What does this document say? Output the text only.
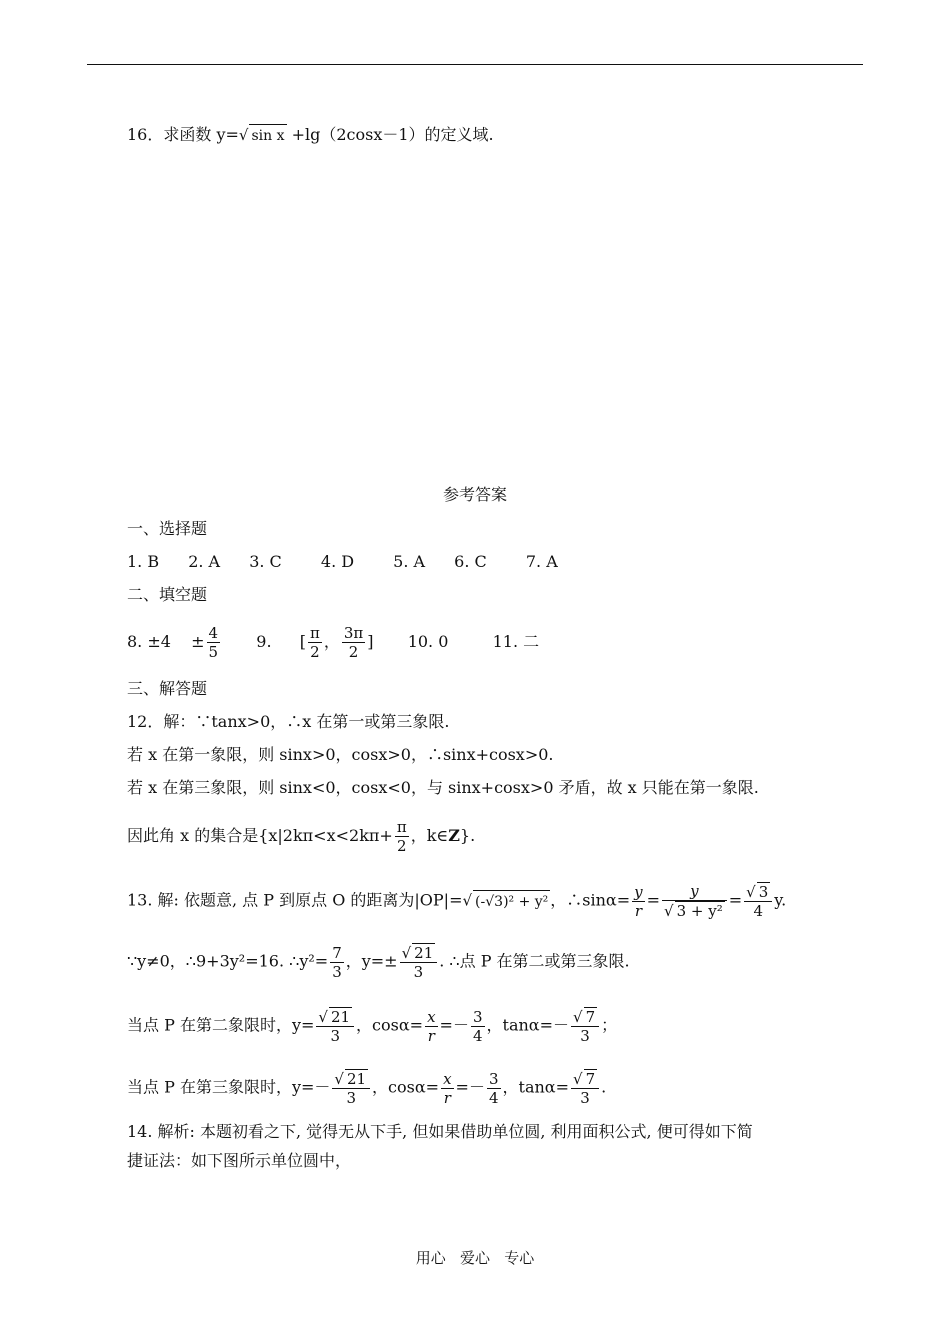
16．求函数 y=√ sin x +lg（2cosx－1）的定义域.
参考答案
一、选择题
1. B 2. A 3. C 4. D 5. A 6. C 7. A
二、填空题
8. $\pm 4 \pm \frac{4}{5} 9$. [ $\frac{\pi}{2}$ ， $\frac{3\pi}{2}$ ] 10. 0	11. 二
三、解答题
12．解：∵tanx>0，∴x 在第一或第三象限.
若 x 在第一象限，则 sinx>0，cosx>0，∴sinx+cosx>0.
若 x 在第三象限，则 sinx<0，cosx<0，与 sinx+cosx>0 矛盾，故 x 只能在第一象限.
因此角 x 的集合是{$x|2k\pi<x<2k\pi+ \frac{\pi}{2}$ ，k∈Z}.
13. 解: 依题意, 点 P 到原点 O 的距离为|OP|=√ (-√3)² + y² ，∴sinα= $\frac{y}{r} = \frac{y}{\text{√ 3 + y²}} = \frac{√ 3}{4} y$.
∵y≠0，∴9+3y²=16. ∴y²= $\frac{7}{3}$ ，$y=\pm \frac{√ 21}{3}$ . ∴点 P 在第二或第三象限.
当点 P 在第二象限时，$y= \frac{√ 21}{3}$ ，$\cos\alpha= \frac{x}{r} =- \frac{3}{4}$ ，$\tan\alpha=- \frac{√ 7}{3}$ ；
当点 P 在第三象限时，$y=- \frac{√ 21}{3}$ ，$\cos\alpha= \frac{x}{r} =- \frac{3}{4}$ ，$\tan\alpha= \frac{√ 7}{3}$ .
14. 解析: 本题初看之下, 觉得无从下手, 但如果借助单位圆, 利用面积公式, 便可得如下简
捷证法：如下图所示单位圆中，
用心   爱心   专心
